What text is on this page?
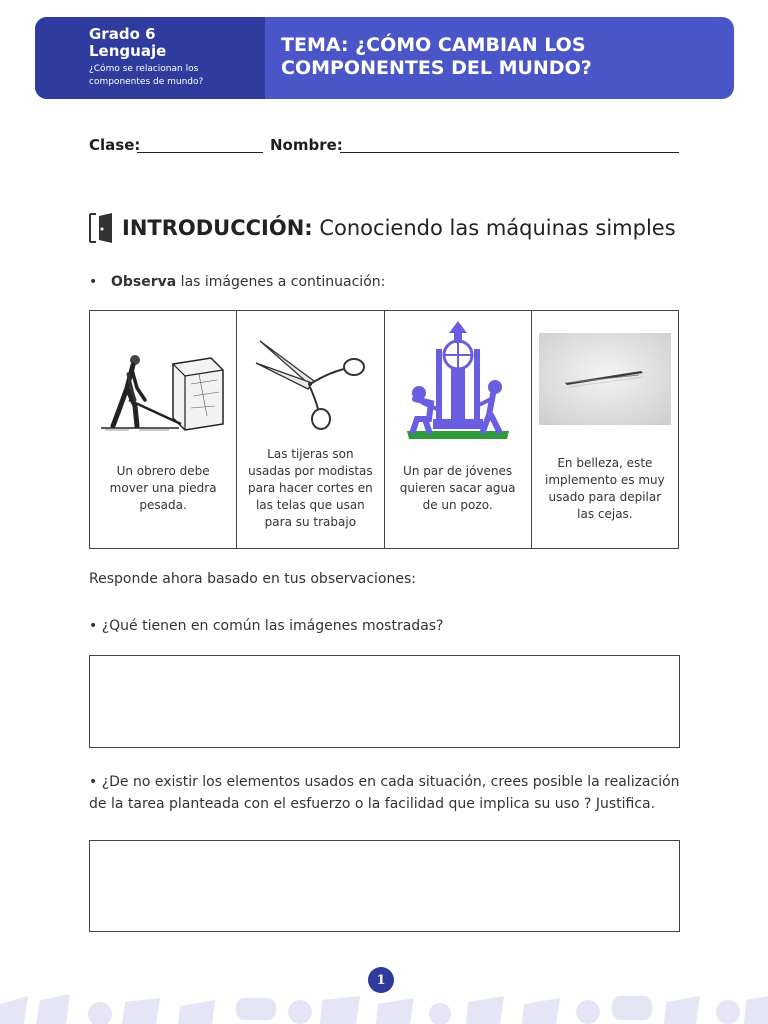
Grado 6
Lenguaje
¿Cómo se relacionan los componentes de mundo?
TEMA: ¿CÓMO CAMBIAN LOS COMPONENTES DEL MUNDO?
Clase:	Nombre:
INTRODUCCIÓN: Conociendo las máquinas simples
• Observa las imágenes a continuación:
Un obrero debe mover una piedra pesada.
Las tijeras son usadas por modistas para hacer cortes en las telas que usan para su trabajo
Un par de jóvenes quieren sacar agua de un pozo.
En belleza, este implemento es muy usado para depilar las cejas.
Responde ahora basado en tus observaciones:
• ¿Qué tienen en común las imágenes mostradas?
• ¿De no existir los elementos usados en cada situación, crees posible la realización de la tarea planteada con el esfuerzo o la facilidad que implica su uso ? Justifica.
1
